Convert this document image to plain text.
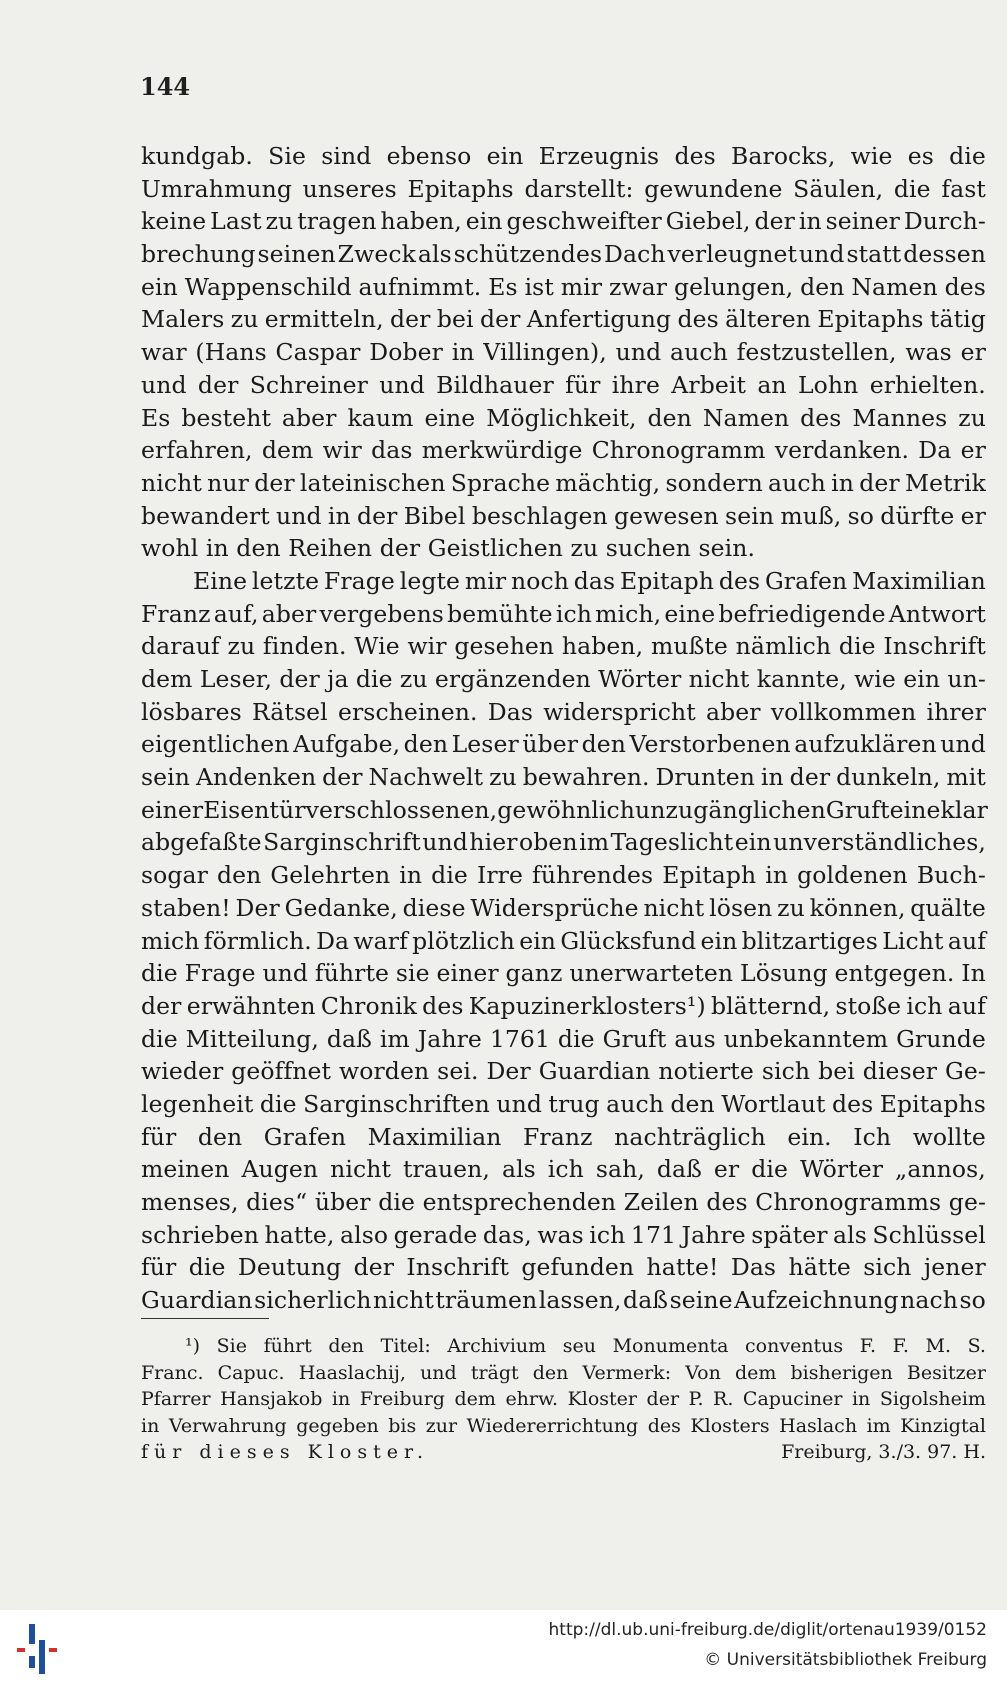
144
kundgab. Sie sind ebenso ein Erzeugnis des Barocks, wie es die
Umrahmung unseres Epitaphs darstellt: gewundene Säulen, die fast
keine Last zu tragen haben, ein geschweifter Giebel, der in seiner Durch-
brechung seinen Zweck als schützendes Dach verleugnet und statt dessen
ein Wappenschild aufnimmt. Es ist mir zwar gelungen, den Namen des
Malers zu ermitteln, der bei der Anfertigung des älteren Epitaphs tätig
war (Hans Caspar Dober in Villingen), und auch festzustellen, was er
und der Schreiner und Bildhauer für ihre Arbeit an Lohn erhielten.
Es besteht aber kaum eine Möglichkeit, den Namen des Mannes zu
erfahren, dem wir das merkwürdige Chronogramm verdanken. Da er
nicht nur der lateinischen Sprache mächtig, sondern auch in der Metrik
bewandert und in der Bibel beschlagen gewesen sein muß, so dürfte er
wohl in den Reihen der Geistlichen zu suchen sein.
Eine letzte Frage legte mir noch das Epitaph des Grafen Maximilian
Franz auf, aber vergebens bemühte ich mich, eine befriedigende Antwort
darauf zu finden. Wie wir gesehen haben, mußte nämlich die Inschrift
dem Leser, der ja die zu ergänzenden Wörter nicht kannte, wie ein un-
lösbares Rätsel erscheinen. Das widerspricht aber vollkommen ihrer
eigentlichen Aufgabe, den Leser über den Verstorbenen aufzuklären und
sein Andenken der Nachwelt zu bewahren. Drunten in der dunkeln, mit
einer Eisentür verschlossenen, gewöhnlich unzugänglichen Gruft eine klar
abgefaßte Sarginschrift und hier oben im Tageslicht ein unverständliches,
sogar den Gelehrten in die Irre führendes Epitaph in goldenen Buch-
staben! Der Gedanke, diese Widersprüche nicht lösen zu können, quälte
mich förmlich. Da warf plötzlich ein Glücksfund ein blitzartiges Licht auf
die Frage und führte sie einer ganz unerwarteten Lösung entgegen. In
der erwähnten Chronik des Kapuzinerklosters¹) blätternd, stoße ich auf
die Mitteilung, daß im Jahre 1761 die Gruft aus unbekanntem Grunde
wieder geöffnet worden sei. Der Guardian notierte sich bei dieser Ge-
legenheit die Sarginschriften und trug auch den Wortlaut des Epitaphs
für den Grafen Maximilian Franz nachträglich ein. Ich wollte
meinen Augen nicht trauen, als ich sah, daß er die Wörter „annos,
menses, dies“ über die entsprechenden Zeilen des Chronogramms ge-
schrieben hatte, also gerade das, was ich 171 Jahre später als Schlüssel
für die Deutung der Inschrift gefunden hatte! Das hätte sich jener
Guardian sicherlich nicht träumen lassen, daß seine Aufzeichnung nach so
¹) Sie führt den Titel: Archivium seu Monumenta conventus F. F. M. S.
Franc. Capuc. Haaslachij, und trägt den Vermerk: Von dem bisherigen Besitzer
Pfarrer Hansjakob in Freiburg dem ehrw. Kloster der P. R. Capuciner in Sigolsheim
in Verwahrung gegeben bis zur Wiedererrichtung des Klosters Haslach im Kinzigtal
für dieses Kloster.	Freiburg, 3./3. 97. H.
http://dl.ub.uni-freiburg.de/diglit/ortenau1939/0152
© Universitätsbibliothek Freiburg
